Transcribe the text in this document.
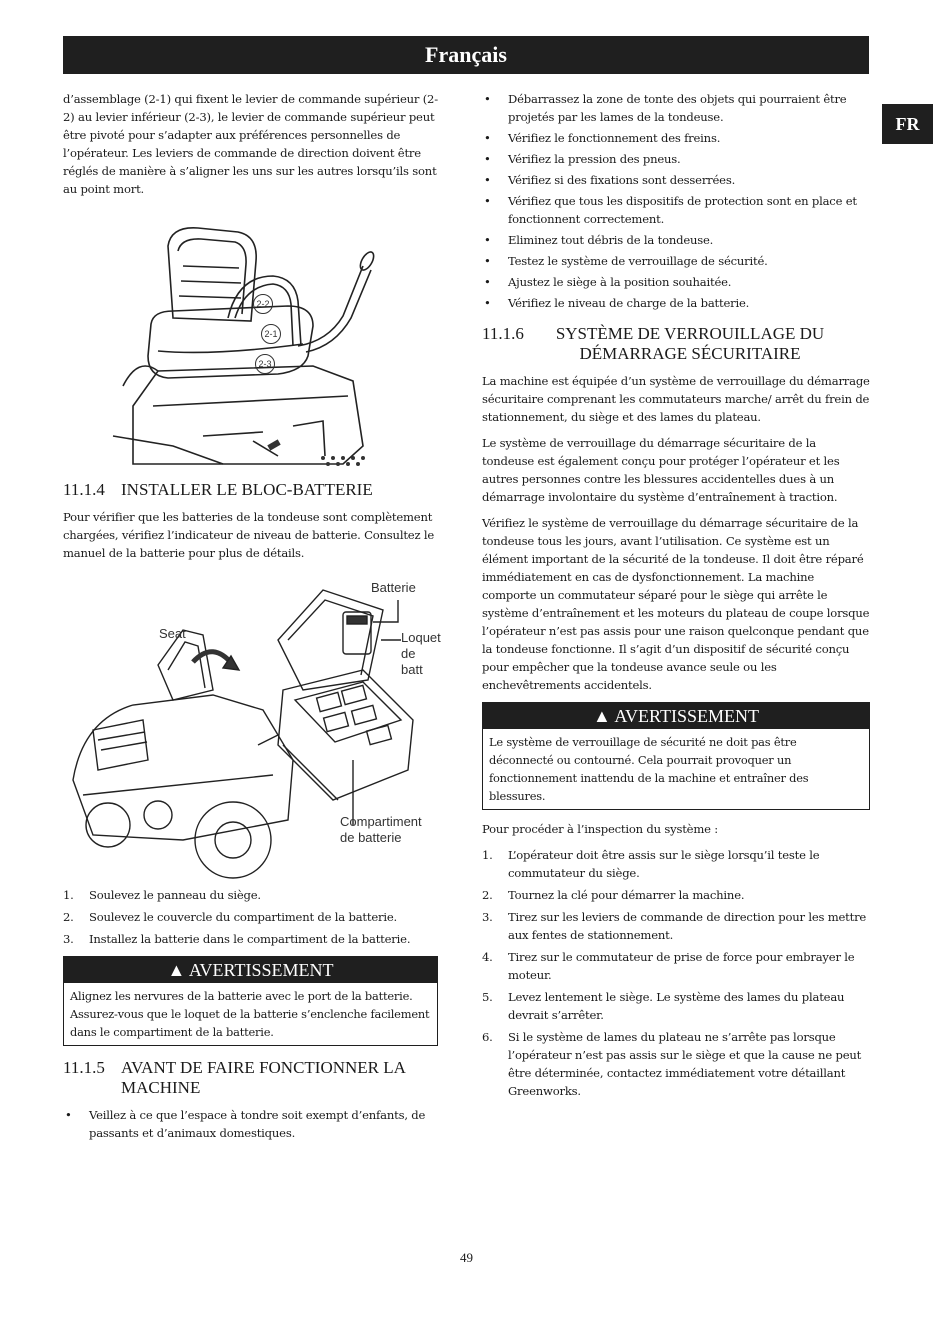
Français
FR

d’assemblage (2-1) qui fixent le levier de commande supérieur (2-2) au levier inférieur (2-3), le levier de commande supérieur peut être pivoté pour s’adapter aux préférences personnelles de l’opérateur. Les leviers de commande de direction doivent être réglés de manière à s’aligner les uns sur les autres lorsqu’ils sont au point mort.

2-2
2-1
2-3
11.1.4 INSTALLER LE BLOC-BATTERIE

Pour vérifier que les batteries de la tondeuse sont complètement chargées, vérifiez l’indicateur de niveau de batterie. Consultez le manuel de la batterie pour plus de détails.

Batterie
Loquet
de batt
Seat
Compartiment
de batterie
1.	Soulevez le panneau du siège.
2.	Soulevez le couvercle du compartiment de la batterie.
3.	Installez la batterie dans le compartiment de la batterie.
▲ AVERTISSEMENT
Alignez les nervures de la batterie avec le port de la batterie. Assurez-vous que le loquet de la batterie s’enclenche facilement dans le compartiment de la batterie.
11.1.5 AVANT DE FAIRE FONCTIONNER LA MACHINE
•	Veillez à ce que l’espace à tondre soit exempt d’enfants, de passants et d’animaux domestiques.
•	Débarrassez la zone de tonte des objets qui pourraient être projetés par les lames de la tondeuse.
•	Vérifiez le fonctionnement des freins.
•	Vérifiez la pression des pneus.
•	Vérifiez si des fixations sont desserrées.
•	Vérifiez que tous les dispositifs de protection sont en place et fonctionnent correctement.
•	Eliminez tout débris de la tondeuse.
•	Testez le système de verrouillage de sécurité.
•	Ajustez le siège à la position souhaitée.
•	Vérifiez le niveau de charge de la batterie.
11.1.6	SYSTÈME DE VERROUILLAGE DU DÉMARRAGE SÉCURITAIRE

La machine est équipée d’un système de verrouillage du démarrage sécuritaire comprenant les commutateurs marche/ arrêt du frein de stationnement, du siège et des lames du plateau.

Le système de verrouillage du démarrage sécuritaire de la tondeuse est également conçu pour protéger l’opérateur et les autres personnes contre les blessures accidentelles dues à un démarrage involontaire du système d’entraînement à traction.

Vérifiez le système de verrouillage du démarrage sécuritaire de la tondeuse tous les jours, avant l’utilisation. Ce système est un élément important de la sécurité de la tondeuse. Il doit être réparé immédiatement en cas de dysfonctionnement. La machine comporte un commutateur séparé pour le siège qui arrête le système d’entraînement et les moteurs du plateau de coupe lorsque l’opérateur n’est pas assis pour une raison quelconque pendant que la tondeuse fonctionne. Il s’agit d’un dispositif de sécurité conçu pour empêcher que la tondeuse avance seule ou les enchevêtrements accidentels.

▲ AVERTISSEMENT
Le système de verrouillage de sécurité ne doit pas être déconnecté ou contourné. Cela pourrait provoquer un fonctionnement inattendu de la machine et entraîner des blessures.

Pour procéder à l’inspection du système :

1.	L’opérateur doit être assis sur le siège lorsqu’il teste le commutateur du siège.
2.	Tournez la clé pour démarrer la machine.
3.	Tirez sur les leviers de commande de direction pour les mettre aux fentes de stationnement.
4.	Tirez sur le commutateur de prise de force pour embrayer le moteur.
5.	Levez lentement le siège. Le système des lames du plateau devrait s’arrêter.
6.	Si le système de lames du plateau ne s’arrête pas lorsque l’opérateur n’est pas assis sur le siège et que la cause ne peut être déterminée, contactez immédiatement votre détaillant Greenworks.
49
